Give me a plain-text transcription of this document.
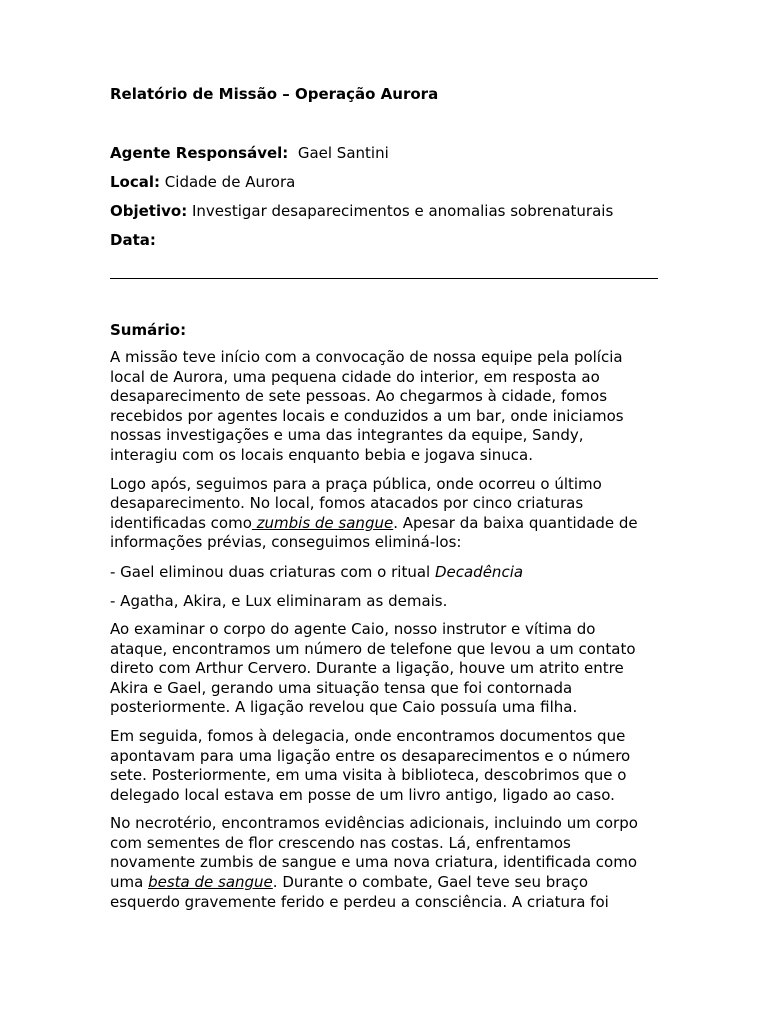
Relatório de Missão – Operação Aurora

Agente Responsável:  Gael Santini

Local: Cidade de Aurora

Objetivo: Investigar desaparecimentos e anomalias sobrenaturais

Data:

Sumário:

A missão teve início com a convocação de nossa equipe pela polícia

local de Aurora, uma pequena cidade do interior, em resposta ao

desaparecimento de sete pessoas. Ao chegarmos à cidade, fomos

recebidos por agentes locais e conduzidos a um bar, onde iniciamos

nossas investigações e uma das integrantes da equipe, Sandy,

interagiu com os locais enquanto bebia e jogava sinuca.

Logo após, seguimos para a praça pública, onde ocorreu o último

desaparecimento. No local, fomos atacados por cinco criaturas

identificadas como zumbis de sangue. Apesar da baixa quantidade de

informações prévias, conseguimos eliminá-los:

- Gael eliminou duas criaturas com o ritual Decadência

- Agatha, Akira, e Lux eliminaram as demais.

Ao examinar o corpo do agente Caio, nosso instrutor e vítima do

ataque, encontramos um número de telefone que levou a um contato

direto com Arthur Cervero. Durante a ligação, houve um atrito entre

Akira e Gael, gerando uma situação tensa que foi contornada

posteriormente. A ligação revelou que Caio possuía uma filha.

Em seguida, fomos à delegacia, onde encontramos documentos que

apontavam para uma ligação entre os desaparecimentos e o número

sete. Posteriormente, em uma visita à biblioteca, descobrimos que o

delegado local estava em posse de um livro antigo, ligado ao caso.

No necrotério, encontramos evidências adicionais, incluindo um corpo

com sementes de flor crescendo nas costas. Lá, enfrentamos

novamente zumbis de sangue e uma nova criatura, identificada como

uma besta de sangue. Durante o combate, Gael teve seu braço

esquerdo gravemente ferido e perdeu a consciência. A criatura foi
